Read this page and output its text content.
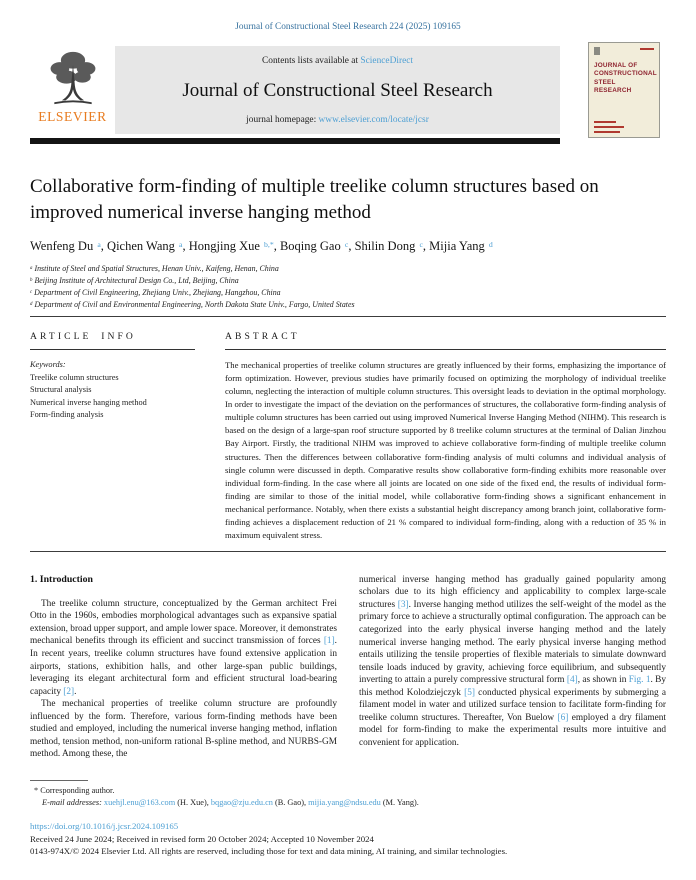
Journal of Constructional Steel Research 224 (2025) 109165
ELSEVIER
Contents lists available at ScienceDirect
Journal of Constructional Steel Research
journal homepage: www.elsevier.com/locate/jcsr
JOURNAL OF CONSTRUCTIONAL STEEL RESEARCH
Collaborative form-finding of multiple treelike column structures based on improved numerical inverse hanging method
Wenfeng Du $^a$, Qichen Wang $^a$, Hongjing Xue $^{b,*}$, Boqing Gao $^c$, Shilin Dong $^c$, Mijia Yang $^d$
$^a$ Institute of Steel and Spatial Structures, Henan Univ., Kaifeng, Henan, China
$^b$ Beijing Institute of Architectural Design Co., Ltd, Beijing, China
$^c$ Department of Civil Engineering, Zhejiang Univ., Zhejiang, Hangzhou, China
$^d$ Department of Civil and Environmental Engineering, North Dakota State Univ., Fargo, United States
ARTICLE INFO
Keywords:
Treelike column structures
Structural analysis
Numerical inverse hanging method
Form-finding analysis
ABSTRACT

The mechanical properties of treelike column structures are greatly influenced by their forms, emphasizing the importance of form optimization. However, previous studies have primarily focused on optimizing the morphology of individual treelike column, neglecting the interaction of multiple column structures. This oversight leads to deviation in the optimal morphology. In order to investigate the impact of the deviation on the performances of structures, the collaborative form-finding analysis of multiple column structures has been carried out using improved Numerical Inverse Hanging Method (NIHM). This research is based on the design of a large-span roof structure supported by 8 treelike column structures at the terminal of Dalian Jinzhou Bay Airport. Firstly, the traditional NIHM was improved to achieve collaborative form-finding of multiple treelike column structures. Then the differences between collaborative form-finding analysis of multi columns and individual analysis of single column were discussed in depth. Comparative results show collaborative form-finding exhibits more reasonable over individual form-finding. In the case where all joints are located on one side of the fixed end, the results of individual form-finding are similar to those of the initial model, while collaborative form-finding shows a significant enhancement in mechanical performance. Notably, when there exists a substantial height discrepancy among branch joint, collaborative form-finding achieves a displacement reduction of 21 % compared to individual form-finding, along with a reduction of 35 % in maximum equivalent stress.

1. Introduction

The treelike column structure, conceptualized by the German architect Frei Otto in the 1960s, embodies morphological advantages such as expansive spatial extension, broad upper support, and ample lower space. Moreover, it demonstrates mechanical benefits through its efficient and succinct transmission of forces [1]. In recent years, treelike column structures have found extensive application in airports, stations, exhibition halls, and other large-span public buildings, leveraging its elegant architectural form and efficient structural load-bearing capacity [2].

The mechanical properties of treelike column structure are profoundly influenced by the form. Therefore, various form-finding methods have been studied and employed, including the numerical inverse hanging method, inflation method, tension method, non-uniform rational B-spline method, and NURBS-GM method. Among these, the

numerical inverse hanging method has gradually gained popularity among scholars due to its high efficiency and applicability to complex large-scale structures [3]. Inverse hanging method utilizes the self-weight of the model as the primary force to achieve a structurally optimal configuration. The approach can be categorized into the early physical inverse hanging method and the lately numerical inverse hanging method. The early physical inverse hanging method entails utilizing the tensile properties of flexible materials to simulate downward tensile loads induced by gravity, achieving force equilibrium, and subsequently inverting to attain a purely compressive structural form [4], as shown in Fig. 1. By this method Kolodziejczyk [5] conducted physical experiments by submerging a filament model in water and utilized surface tension to facilitate form-finding for treelike column structures. Thereafter, Von Buelow [6] employed a dry filament model for form-finding to make the experimental results more intuitive and convenient for application.

* Corresponding author.
E-mail addresses: xuehjl.enu@163.com (H. Xue), bqgao@zju.edu.cn (B. Gao), mijia.yang@ndsu.edu (M. Yang).
https://doi.org/10.1016/j.jcsr.2024.109165
Received 24 June 2024; Received in revised form 20 October 2024; Accepted 10 November 2024
0143-974X/© 2024 Elsevier Ltd. All rights are reserved, including those for text and data mining, AI training, and similar technologies.
